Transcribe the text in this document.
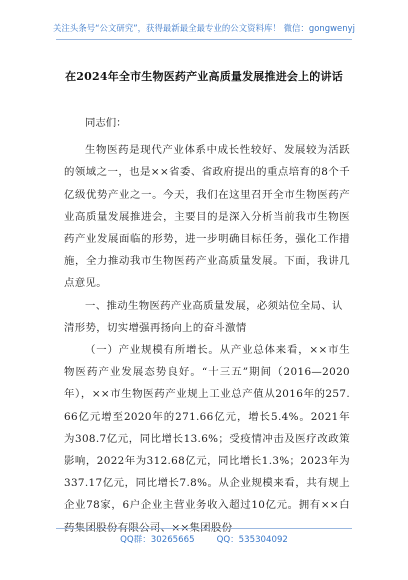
关注头条号“公文研究”，获得最新最全最专业的公文资料库！ 微信：gongwenyj
在2024年全市生物医药产业高质量发展推进会上的讲话

同志们：

生物医药是现代产业体系中成长性较好、发展较为活跃的领域之一，也是××省委、省政府提出的重点培育的8个千亿级优势产业之一。今天，我们在这里召开全市生物医药产业高质量发展推进会，主要目的是深入分析当前我市生物医药产业发展面临的形势，进一步明确目标任务，强化工作措施，全力推动我市生物医药产业高质量发展。下面，我讲几点意见。

一、推动生物医药产业高质量发展，必须站位全局、认清形势，切实增强再扬向上的奋斗激情

（一）产业规模有所增长。从产业总体来看，××市生物医药产业发展态势良好。“十三五”期间（2016—2020年），××市生物医药产业规上工业总产值从2016年的257.66亿元增至2020年的271.66亿元，增长5.4%。2021年为308.7亿元，同比增长13.6%；受疫情冲击及医疗改政策影响，2022年为312.68亿元，同比增长1.3%；2023年为337.17亿元，同比增长7.8%。从企业规模来看，共有规上企业78家，6户企业主营业务收入超过10亿元。拥有××白药集团股份有限公司、××集团股份

QQ群：30265665	QQ：535304092
